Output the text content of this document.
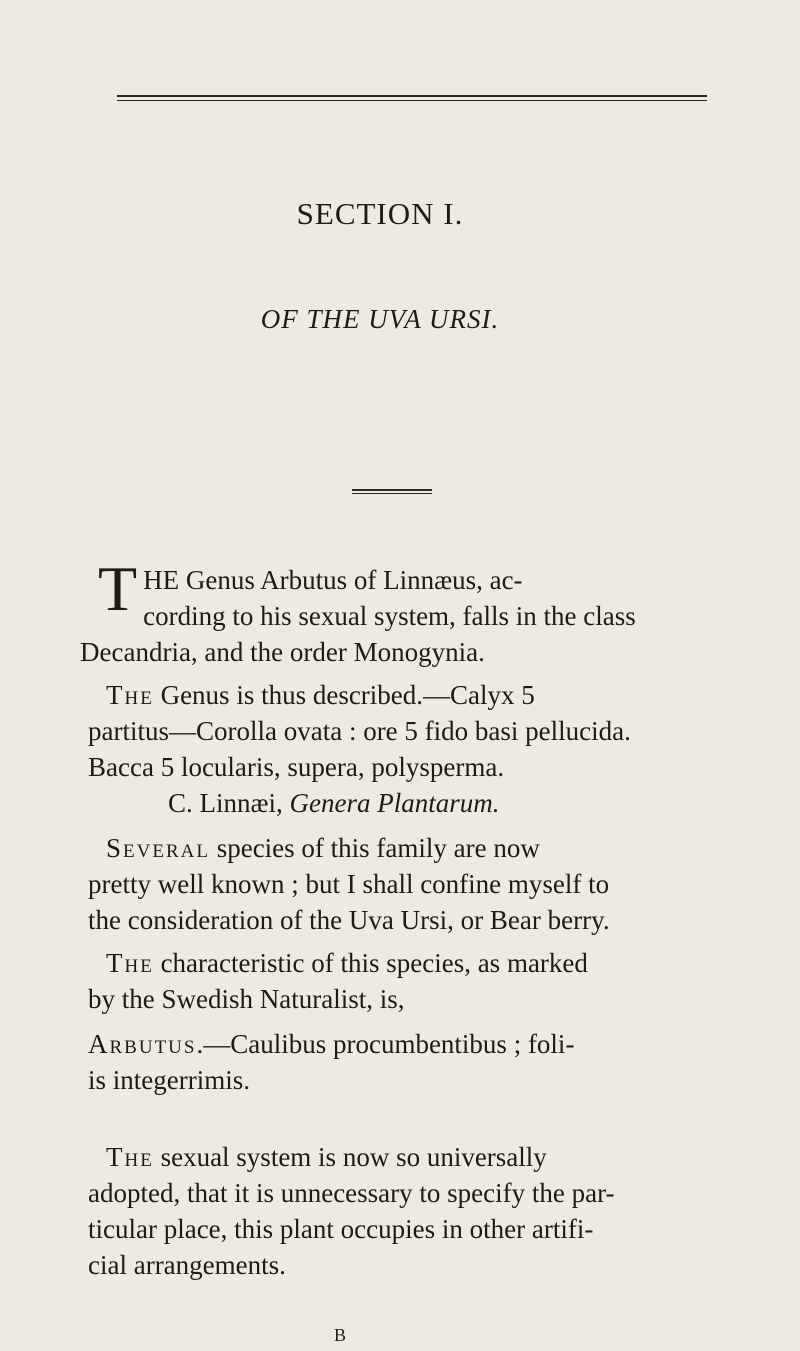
SECTION I.
OF THE UVA URSI.
T HE Genus Arbutus of Linnæus, ac-
cording to his sexual system, falls in the class
Decandria, and the order Monogynia.
The Genus is thus described.—Calyx 5
partitus—Corolla ovata : ore 5 fido basi pellucida.
Bacca 5 locularis, supera, polysperma.
C. Linnæi, Genera Plantarum.
Several species of this family are now
pretty well known ; but I shall confine myself to
the consideration of the Uva Ursi, or Bear berry.
The characteristic of this species, as marked
by the Swedish Naturalist, is,
Arbutus.—Caulibus procumbentibus ; foli-
is integerrimis.
The sexual system is now so universally
adopted, that it is unnecessary to specify the par-
ticular place, this plant occupies in other artifi-
cial arrangements.
B
